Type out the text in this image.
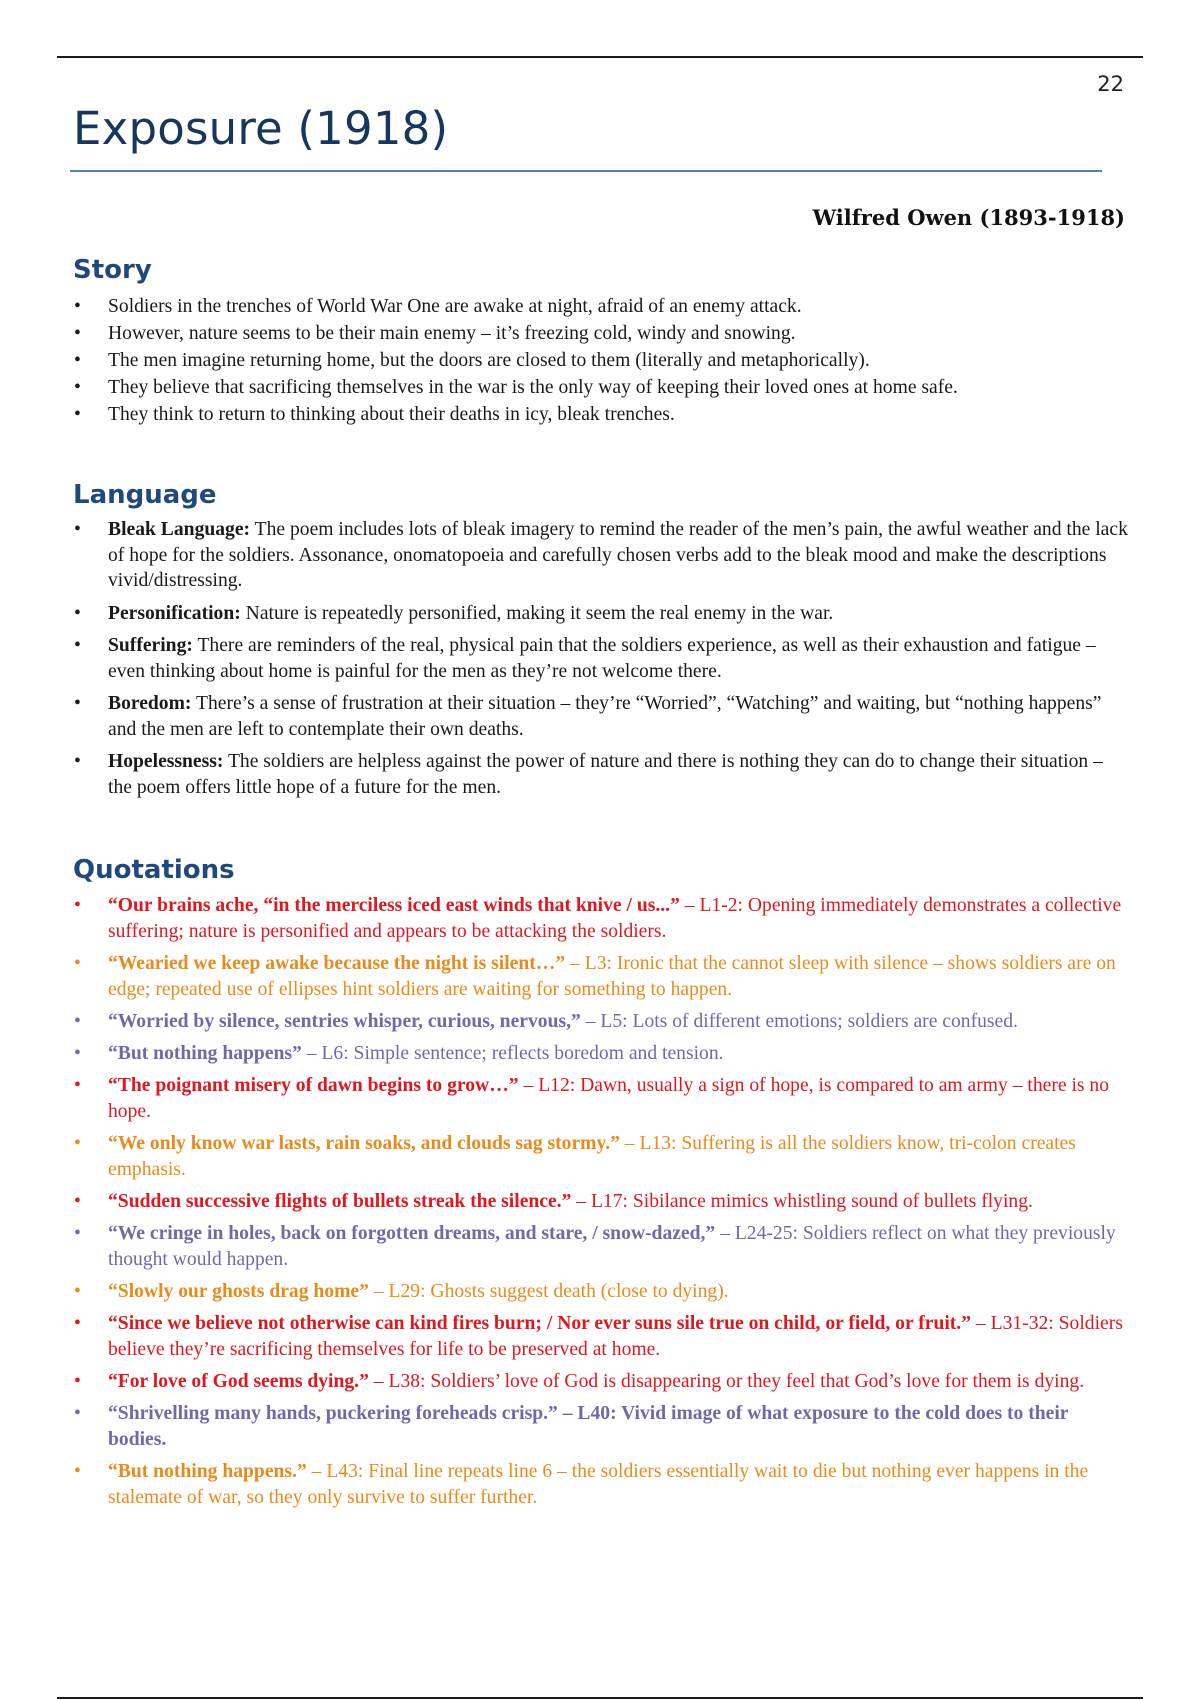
22
Exposure (1918)
Wilfred Owen (1893-1918)
Story
• Soldiers in the trenches of World War One are awake at night, afraid of an enemy attack.
• However, nature seems to be their main enemy – it’s freezing cold, windy and snowing.
• The men imagine returning home, but the doors are closed to them (literally and metaphorically).
• They believe that sacrificing themselves in the war is the only way of keeping their loved ones at home safe.
• They think to return to thinking about their deaths in icy, bleak trenches.
Language
• Bleak Language: The poem includes lots of bleak imagery to remind the reader of the men’s pain, the awful weather and the lack of hope for the soldiers. Assonance, onomatopoeia and carefully chosen verbs add to the bleak mood and make the descriptions vivid/distressing.
• Personification: Nature is repeatedly personified, making it seem the real enemy in the war.
• Suffering: There are reminders of the real, physical pain that the soldiers experience, as well as their exhaustion and fatigue – even thinking about home is painful for the men as they’re not welcome there.
• Boredom: There’s a sense of frustration at their situation – they’re “Worried”, “Watching” and waiting, but “nothing happens” and the men are left to contemplate their own deaths.
• Hopelessness: The soldiers are helpless against the power of nature and there is nothing they can do to change their situation – the poem offers little hope of a future for the men.
Quotations
• “Our brains ache, “in the merciless iced east winds that knive / us...” – L1-2: Opening immediately demonstrates a collective suffering; nature is personified and appears to be attacking the soldiers.
• “Wearied we keep awake because the night is silent…” – L3: Ironic that the cannot sleep with silence – shows soldiers are on edge; repeated use of ellipses hint soldiers are waiting for something to happen.
• “Worried by silence, sentries whisper, curious, nervous,” – L5: Lots of different emotions; soldiers are confused.
• “But nothing happens” – L6: Simple sentence; reflects boredom and tension.
• “The poignant misery of dawn begins to grow…” – L12: Dawn, usually a sign of hope, is compared to am army – there is no hope.
• “We only know war lasts, rain soaks, and clouds sag stormy.” – L13: Suffering is all the soldiers know, tri-colon creates emphasis.
• “Sudden successive flights of bullets streak the silence.” – L17: Sibilance mimics whistling sound of bullets flying.
• “We cringe in holes, back on forgotten dreams, and stare, / snow-dazed,” – L24-25: Soldiers reflect on what they previously thought would happen.
• “Slowly our ghosts drag home” – L29: Ghosts suggest death (close to dying).
• “Since we believe not otherwise can kind fires burn; / Nor ever suns sile true on child, or field, or fruit.” – L31-32: Soldiers believe they’re sacrificing themselves for life to be preserved at home.
• “For love of God seems dying.” – L38: Soldiers’ love of God is disappearing or they feel that God’s love for them is dying.
• “Shrivelling many hands, puckering foreheads crisp.” – L40: Vivid image of what exposure to the cold does to their bodies.
• “But nothing happens.” – L43: Final line repeats line 6 – the soldiers essentially wait to die but nothing ever happens in the stalemate of war, so they only survive to suffer further.
